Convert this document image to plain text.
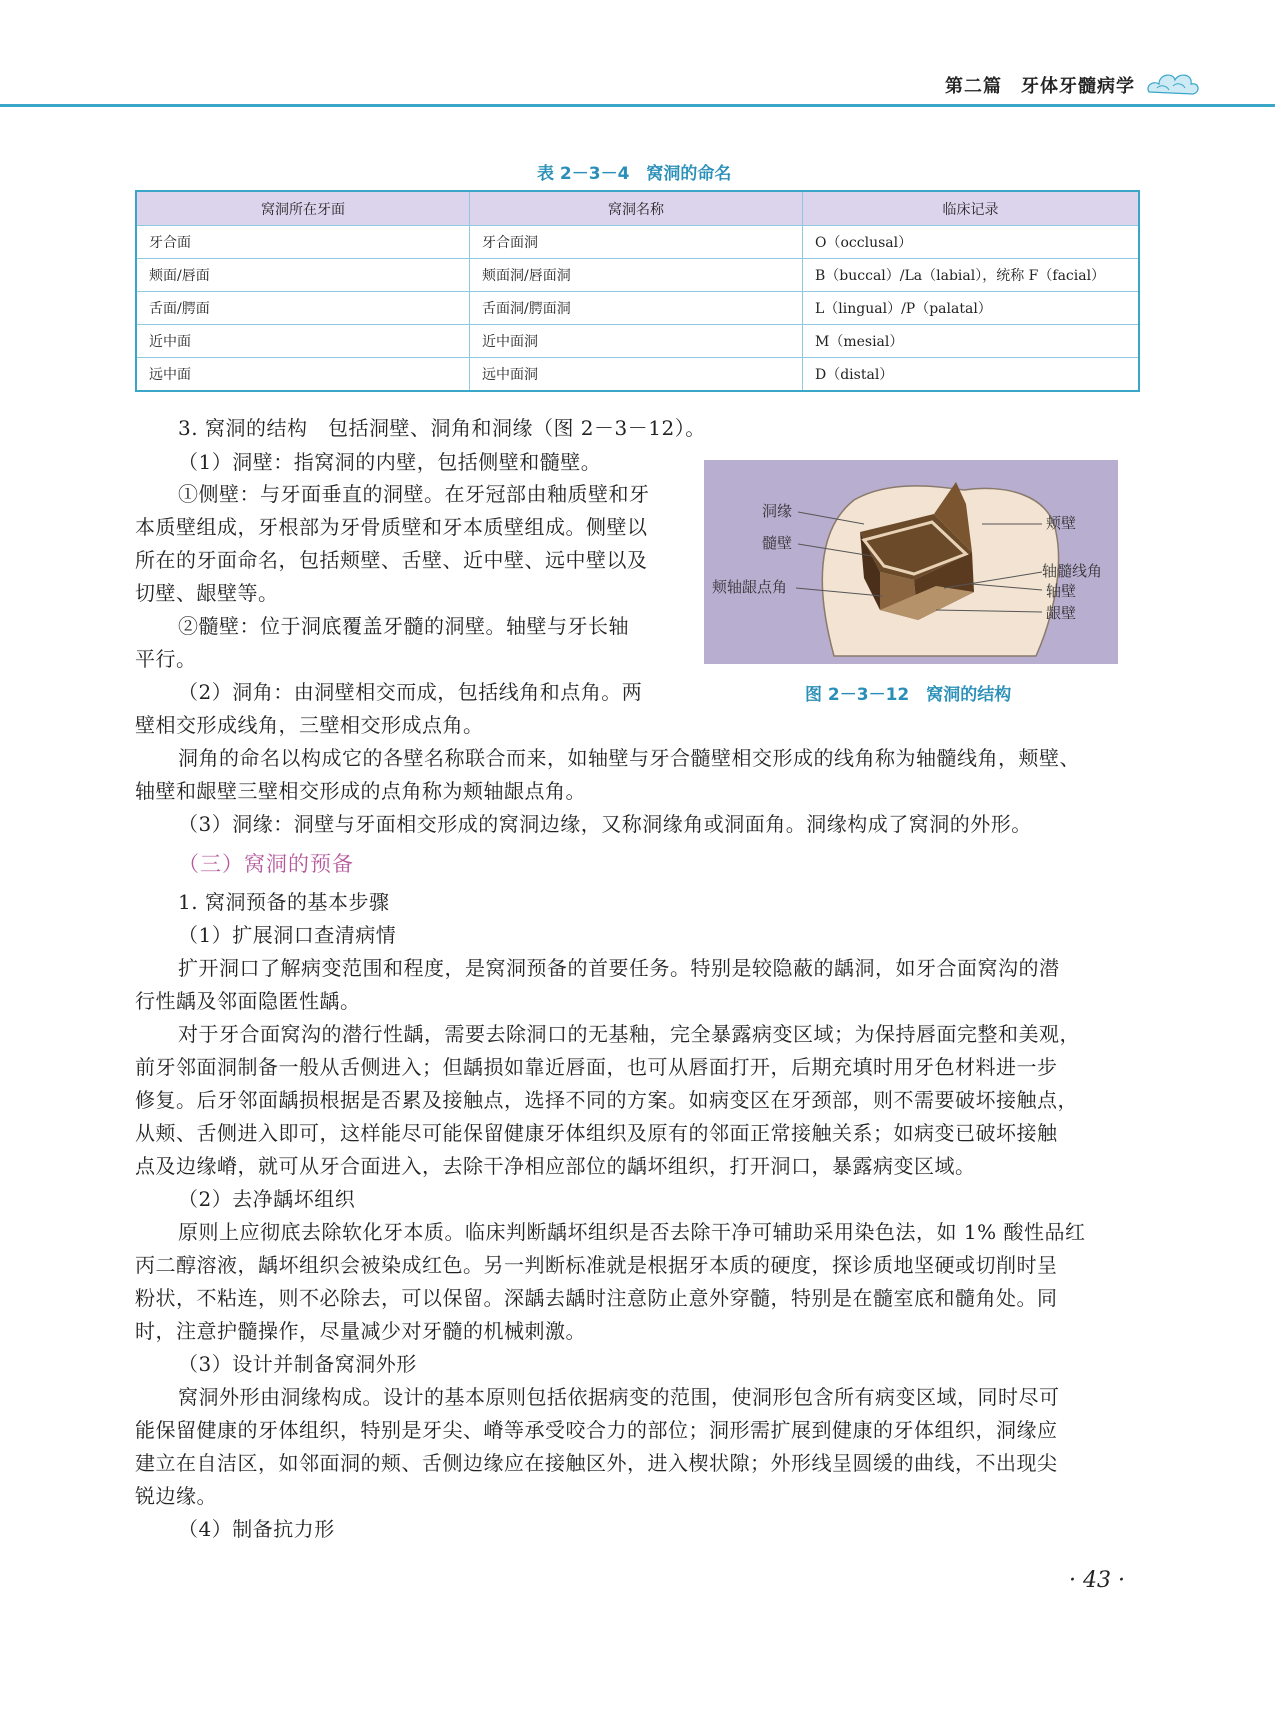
第二篇　牙体牙髓病学
表 2－3－4　窝洞的命名
窝洞所在牙面	窝洞名称	临床记录
牙合面	牙合面洞	O（occlusal）
颊面/唇面	颊面洞/唇面洞	B（buccal）/La（labial），统称 F（facial）
舌面/腭面	舌面洞/腭面洞	L（lingual）/P（palatal）
近中面	近中面洞	M（mesial）
远中面	远中面洞	D（distal）
3. 窝洞的结构　包括洞壁、洞角和洞缘（图 2－3－12）。
（1）洞壁：指窝洞的内壁，包括侧壁和髓壁。
①侧壁：与牙面垂直的洞壁。在牙冠部由釉质壁和牙
本质壁组成，牙根部为牙骨质壁和牙本质壁组成。侧壁以
所在的牙面命名，包括颊壁、舌壁、近中壁、远中壁以及
切壁、龈壁等。
②髓壁：位于洞底覆盖牙髓的洞壁。轴壁与牙长轴
平行。
（2）洞角：由洞壁相交而成，包括线角和点角。两
壁相交形成线角，三壁相交形成点角。
洞缘
髓壁
颊轴龈点角
颊壁
轴髓线角
轴壁
龈壁
图 2－3－12　窝洞的结构
洞角的命名以构成它的各壁名称联合而来，如轴壁与牙合髓壁相交形成的线角称为轴髓线角，颊壁、
轴壁和龈壁三壁相交形成的点角称为颊轴龈点角。
（3）洞缘：洞壁与牙面相交形成的窝洞边缘，又称洞缘角或洞面角。洞缘构成了窝洞的外形。
（三）窝洞的预备
1. 窝洞预备的基本步骤
（1）扩展洞口查清病情
扩开洞口了解病变范围和程度，是窝洞预备的首要任务。特别是较隐蔽的龋洞，如牙合面窝沟的潜
行性龋及邻面隐匿性龋。
对于牙合面窝沟的潜行性龋，需要去除洞口的无基釉，完全暴露病变区域；为保持唇面完整和美观，
前牙邻面洞制备一般从舌侧进入；但龋损如靠近唇面，也可从唇面打开，后期充填时用牙色材料进一步
修复。后牙邻面龋损根据是否累及接触点，选择不同的方案。如病变区在牙颈部，则不需要破坏接触点，
从颊、舌侧进入即可，这样能尽可能保留健康牙体组织及原有的邻面正常接触关系；如病变已破坏接触
点及边缘嵴，就可从牙合面进入，去除干净相应部位的龋坏组织，打开洞口，暴露病变区域。
（2）去净龋坏组织
原则上应彻底去除软化牙本质。临床判断龋坏组织是否去除干净可辅助采用染色法，如 1% 酸性品红
丙二醇溶液，龋坏组织会被染成红色。另一判断标准就是根据牙本质的硬度，探诊质地坚硬或切削时呈
粉状，不粘连，则不必除去，可以保留。深龋去龋时注意防止意外穿髓，特别是在髓室底和髓角处。同
时，注意护髓操作，尽量减少对牙髓的机械刺激。
（3）设计并制备窝洞外形
窝洞外形由洞缘构成。设计的基本原则包括依据病变的范围，使洞形包含所有病变区域，同时尽可
能保留健康的牙体组织，特别是牙尖、嵴等承受咬合力的部位；洞形需扩展到健康的牙体组织，洞缘应
建立在自洁区，如邻面洞的颊、舌侧边缘应在接触区外，进入楔状隙；外形线呈圆缓的曲线，不出现尖
锐边缘。
（4）制备抗力形
· 43 ·
